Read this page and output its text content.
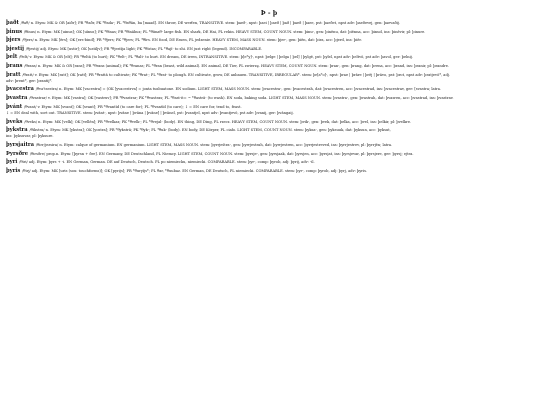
Þ - þ
þaðt /θaθ/ n. Etym: MK & OR [aiðr]; PR *θaðr, PK *θada-; PL *θaθān, ba [maad]. EN throw, DE werfen, TRANSITIVE. stem: þaeð-, npst: þaei | þaeð | það | þaeð | þaee, pst: þaeðet, npst adv: þaeðevej, gen: þaevaðij.
þinus /θīnus/ n. Etym: MK [uinus]; OK [uīnus]; PK *θīnas; PR *θīnāhuz; PL *θūnaθ- large fish. EN shark, DE Hai, PL rekin. HEAVY STEM, COUNT NOUN. stem: þinu-, gen: þinēnu, dat: þiēnna, acc: þinud, ins: þinēvir, pl: þinure.
þjers /θjers/ n. Etym: MK [ērs]; OK [ers-bind]; PR *θjers; PK *θjers; PL *θīrs. EN food, DE Essen, PL jedzenie. HEAVY STEM, MASS NOUN. stem: þjer-, gen: þiēn, dat: þira, acc: þjerd, ins: þiēr.
þjestij /θjestij/ adj. Etym: MK [ustir]; OK [ustiljv]; PR *θjestīja light; PK *θīstas; PL *θajī- to shi. EN just right (legend). INCOMPARABLE.
þelt /θelt/ v. Etym: MK & OR [elt]; PR *θeltā (to hurt); PK *θelt-; PL *θalt- to hurt. EN dream, DE irren, INTRANSITIVE. stem: þ[e*y]-, npst: þelge | þelga | þel] | þylgē, pst: þylel, npst adv: þeltvō, pst adv: þavol, ger: þelnij.
þrans /θrans/ n. Etym: MK & OR [rans]; PR *θrans (animal); PK *θranas; PL *θran (beast, wild animal). EN animal, DE Tier, PL zwierzę. HEAVY STEM, COUNT NOUN. stem: þran-, gen: þrang, dat: þrena, acc: þrand, ins: þranir, pl: þrandre.
þratt /θratt/ v. Etym: MK [ratt]; OK [ratt]; PR *θrattā to cultivate; PK *θrat-; PL *θrat- to plough. EN cultivate, grow, DE anbauen. TRANSITIVE, IRREGULAR*. stem: þr[a*o]-, npst: þrae | þrāre | þrēj | þrāvo, pst: þrot, npst adv: þratjevō*, adj.
adv: þrent*, ger: þrantij*.
þvacestra /θva'tsestra/ n. Etym: MK [vacestra] = (OK [yvacestrva] = jonta tusbuatone. EN sodium. LIGHT STEM, MASS NOUN. stem: þvacestra-, gen: þvacestrah, dat: þvacestren, acc: þvacestrad, ins: þvacestrav, ger: [svastra; latra.
þvastra /θvastrar/ v. Etym: MK [vastra]; OK [vastruv]; PR *θvastrar; PK *θvastras; PL *θast-it= ~ *θastrā- (to wash). EN soda, baking soda. LIGHT STEM, MASS NOUN. stem: þvastra-, gen: þvastrah, dat: þvasren, acc: þvastrad, ins: þvastrav.
þvánt /θvant/ v. Etym: MK [svant]; OK [svant]; PR *θvantīd (to care for); PL *θvantīd (to care); ↕ = EN care for, tend to, feast.
↕ = EN deal with, sort out. TRANSITIVE. stem: þvānt-, npst: þvāne | þvāna | þvāne] | þvānel, pst: þvantjel, npst adv: þvantjevō, pst adv: þvanij, ger: þvāngaij.
þveks /θveks/ n. Etym: MK [velk]; OK [vellēn]; PR *θvelkaz; PK *θvelk-; PL *θvejal- (body). EN thing, DE Ding, PL rzecz. HEAVY STEM, COUNT NOUN. stem: þvik-, gen: þvek, dat: þelka, acc: þvel, ins: þelkir, pl: þvelkre.
þykstra /θikstra/ n. Etym: MK [ykstra]; OK [yostra]; PR *θykstrā; PK *θyk-; PL *θuk- (body). EN body, DE Körper, PL ciało. LIGHT STEM, COUNT NOUN. stem: þyksa-, gen: þyksuuk, dat: þyksun, acc: þyksut,
ins: þyksuvar, pl: þyksure.
þyrsjaitra /θirr/jezsira/ n. Etym: calque of germanium. EN germanium. LIGHT STEM, MASS NOUN. stem: þyrrjeśtra-, gen: þyrrjestrah, dat: þyrrjestren, acc: þyrrjestreved, ins: þyrrjestrev, pl: þyrrjēn; latra.
Þyrsðre /θirsðre/ prop.n. Etym: [þyrsn + ðre]. EN Germany, DE Deutschland, PL Niemcy. LIGHT STEM, COUNT NOUN. stem: þyrsje-, gen: þyrsjaak, dat: þyrsjen, acc: þyrsjat, ins: þyrsjevar, pl: þyrsjere, ger: þyrsj; ejtra.
þyri /θiri/ adj. Etym: þyrs + -i. EN German, German. DE auf Deutsch, Deutsch. PL po niemiecku, niemiecki. COMPARABLE. stem: þyr-, comp: þyrob, adj: þyrij, adv: -il.
þyris /θirj/ adj. Etym: MK [uris (sou: touchforms)]; OK [pyrijs]; PR *θuryījs*; PL θar, *θuubaz. EN German, DE Deutsch, PL niemiecki. COMPARABLE. stem: þyr-, comp: þyrob, adj: þyrj, adv: þyris.
